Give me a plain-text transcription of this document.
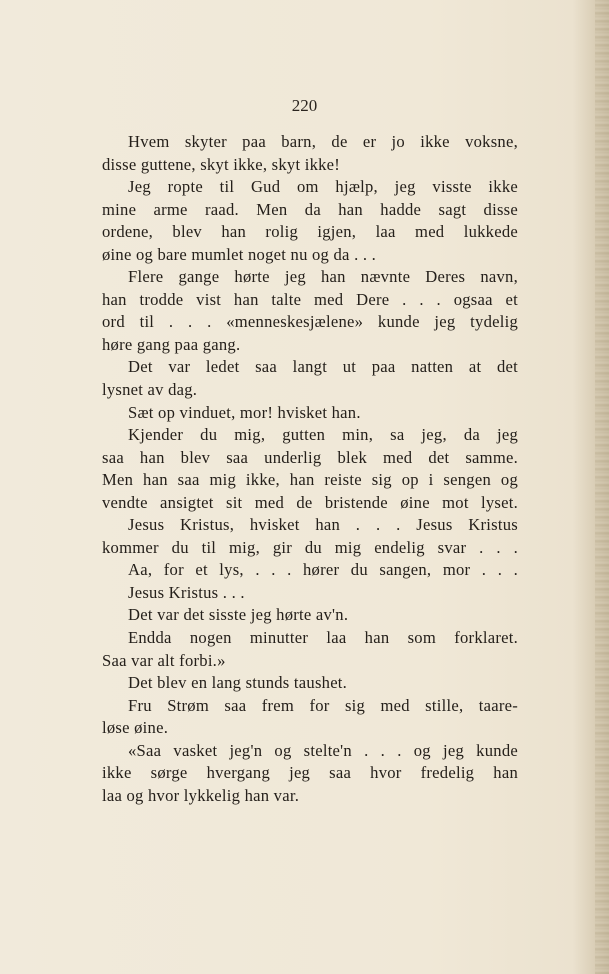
220
Hvem skyter paa barn, de er jo ikke voksne,
disse guttene, skyt ikke, skyt ikke!
Jeg ropte til Gud om hjælp, jeg visste ikke
mine arme raad. Men da han hadde sagt disse
ordene, blev han rolig igjen, laa med lukkede
øine og bare mumlet noget nu og da . . .
Flere gange hørte jeg han nævnte Deres navn,
han trodde vist han talte med Dere . . . ogsaa et
ord til . . . «menneskesjælene» kunde jeg tydelig
høre gang paa gang.
Det var ledet saa langt ut paa natten at det
lysnet av dag.
Sæt op vinduet, mor! hvisket han.
Kjender du mig, gutten min, sa jeg, da jeg
saa han blev saa underlig blek med det samme.
Men han saa mig ikke, han reiste sig op i sengen og
vendte ansigtet sit med de bristende øine mot lyset.
Jesus Kristus, hvisket han . . . Jesus Kristus
kommer du til mig, gir du mig endelig svar . . .
Aa, for et lys, . . . hører du sangen, mor . . .
Jesus Kristus . . .
Det var det sisste jeg hørte av'n.
Endda nogen minutter laa han som forklaret.
Saa var alt forbi.»
Det blev en lang stunds taushet.
Fru Strøm saa frem for sig med stille, taare-
løse øine.
«Saa vasket jeg'n og stelte'n . . . og jeg kunde
ikke sørge hvergang jeg saa hvor fredelig han
laa og hvor lykkelig han var.
